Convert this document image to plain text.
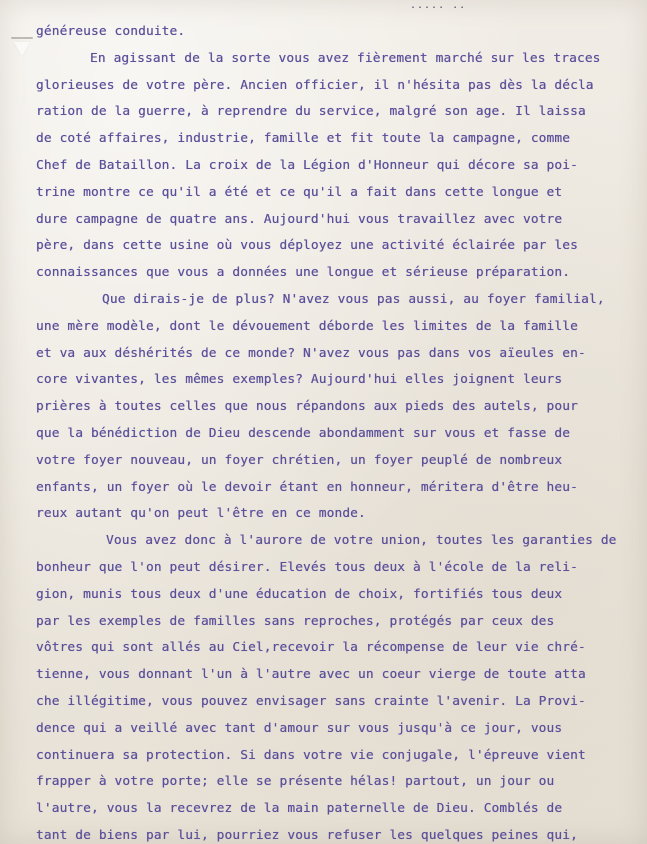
..... ..
généreuse conduite.
En agissant de la sorte vous avez fièrement marché sur les traces
glorieuses de votre père. Ancien officier, il n'hésita pas dès la décla
ration de la guerre, à reprendre du service, malgré son age. Il laissa
de coté affaires, industrie, famille et fit toute la campagne, comme
Chef de Bataillon. La croix de la Légion d'Honneur qui décore sa poi-
trine montre ce qu'il a été et ce qu'il a fait dans cette longue et
dure campagne de quatre ans. Aujourd'hui vous travaillez avec votre
père, dans cette usine où vous déployez une activité éclairée par les
connaissances que vous a données une longue et sérieuse préparation.
Que dirais-je de plus? N'avez vous pas aussi, au foyer familial,
une mère modèle, dont le dévouement déborde les limites de la famille
et va aux déshérités de ce monde? N'avez vous pas dans vos aïeules en-
core vivantes, les mêmes exemples? Aujourd'hui elles joignent leurs
prières à toutes celles que nous répandons aux pieds des autels, pour
que la bénédiction de Dieu descende abondamment sur vous et fasse de
votre foyer nouveau, un foyer chrétien, un foyer peuplé de nombreux
enfants, un foyer où le devoir étant en honneur, méritera d'être heu-
reux autant qu'on peut l'être en ce monde.
Vous avez donc à l'aurore de votre union, toutes les garanties de
bonheur que l'on peut désirer. Elevés tous deux à l'école de la reli-
gion, munis tous deux d'une éducation de choix, fortifiés tous deux
par les exemples de familles sans reproches, protégés par ceux des
vôtres qui sont allés au Ciel,recevoir la récompense de leur vie chré-
tienne, vous donnant l'un à l'autre avec un coeur vierge de toute atta
che illégitime, vous pouvez envisager sans crainte l'avenir. La Provi-
dence qui a veillé avec tant d'amour sur vous jusqu'à ce jour, vous
continuera sa protection. Si dans votre vie conjugale, l'épreuve vient
frapper à votre porte; elle se présente hélas! partout, un jour ou
l'autre, vous la recevrez de la main paternelle de Dieu. Comblés de
tant de biens par lui, pourriez vous refuser les quelques peines qui,
